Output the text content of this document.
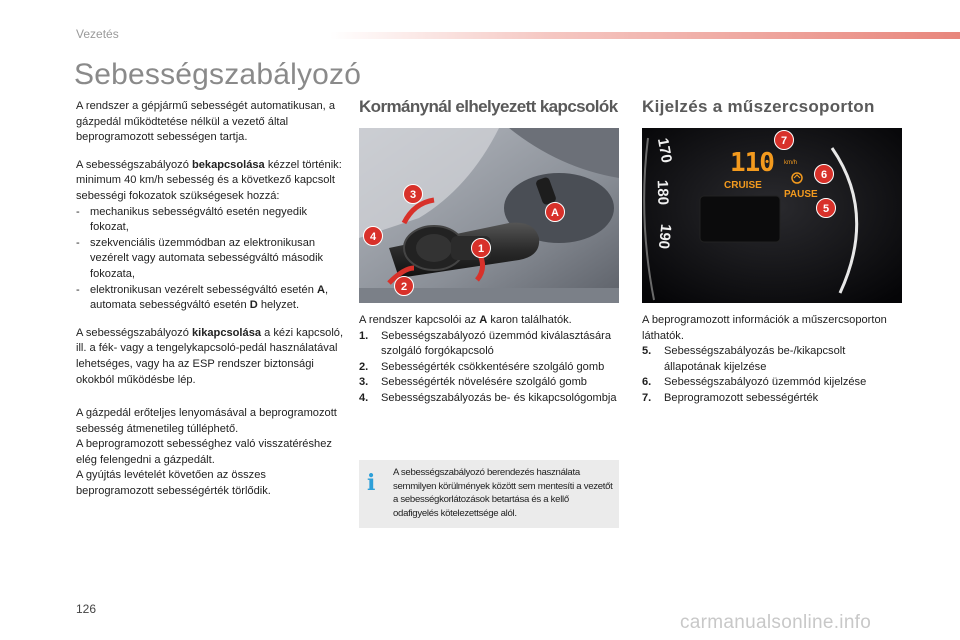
Vezetés
Sebességszabályozó

A rendszer a gépjármű sebességét automatikusan, a gázpedál működtetése nélkül a vezető által beprogramozott sebességen tartja.

A sebességszabályozó bekapcsolása kézzel történik: minimum 40 km/h sebesség és a következő kapcsolt sebességi fokozatok szükségesek hozzá:

- mechanikus sebességváltó esetén negyedik fokozat,
- szekvenciális üzemmódban az elektronikusan vezérelt vagy automata sebességváltó második fokozata,
- elektronikusan vezérelt sebességváltó esetén A, automata sebességváltó esetén D helyzet.

A sebességszabályozó kikapcsolása a kézi kapcsoló, ill. a fék- vagy a tengelykapcsoló-pedál használatával lehetséges, vagy ha az ESP rendszer biztonsági okokból működésbe lép.

A gázpedál erőteljes lenyomásával a beprogramozott sebesség átmenetileg túlléphető.
A beprogramozott sebességhez való visszatéréshez elég felengedni a gázpedált.
A gyújtás levételét követően az összes beprogramozott sebességérték törlődik.
Kormánynál elhelyezett kapcsolók
3
4
1
2
A
A rendszer kapcsolói az A karon találhatók.
1.	Sebességszabályozó üzemmód kiválasztására szolgáló forgókapcsoló
2.	Sebességérték csökkentésére szolgáló gomb
3.	Sebességérték növelésére szolgáló gomb
4.	Sebességszabályozás be- és kikapcsológombja
i	A sebességszabályozó berendezés használata semmilyen körülmények között sem mentesíti a vezetőt a sebességkorlátozások betartása és a kellő odafigyelés kötelezettsége alól.
Kijelzés a műszercsoporton
170
180
190
110 km/h
CRUISE
PAUSE
7
6
5
A beprogramozott információk a műszercsoporton láthatók.
5.	Sebességszabályozás be-/kikapcsolt állapotának kijelzése
6.	Sebességszabályozó üzemmód kijelzése
7.	Beprogramozott sebességérték
126
carmanualsonline.info
